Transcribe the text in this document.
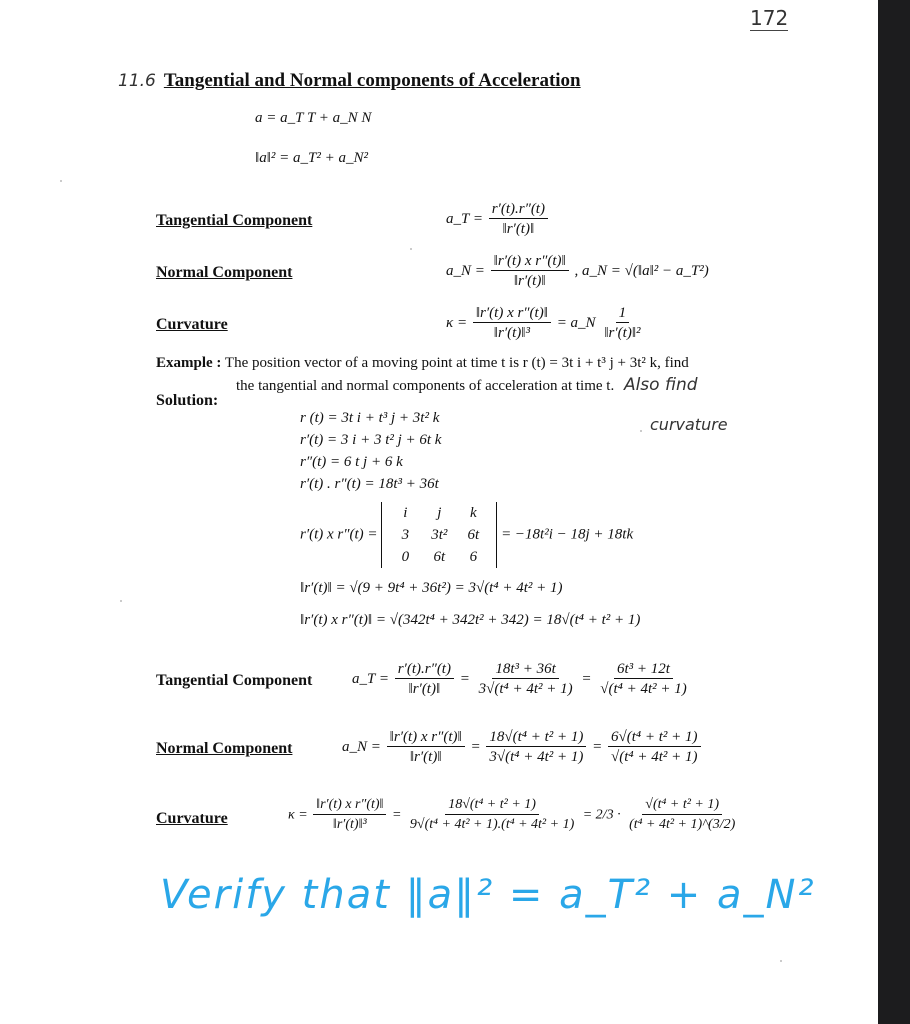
172
11.6 Tangential and Normal components of Acceleration
a = a_T T + a_N N
‖a‖² = a_T² + a_N²
Tangential Component	a_T = $\frac{r'(t).r''(t)}{‖r'(t)‖}$
Normal Component	a_N = $\frac{\text{‖r′(t) x r″(t)‖}}{‖r'(t)‖}$ , a_N = √(‖a‖² − a_T²)
Curvature	$\kappa = \frac{\text{‖r′(t) x r″(t)‖}}{\text{‖r′(t)‖³}}$ = a_N $\frac{1}{\text{‖r′(t)‖²}}$
Example : The position vector of a moving point at time t is r (t) = 3t i + t³ j + 3t² k, find
the tangential and normal components of acceleration at time t. Also find
curvature
Solution:
r (t) = 3t i + t³ j + 3t² k
r′(t) = 3 i + 3 t² j + 6t k
r″(t) = 6 t j + 6 k
r′(t) . r″(t) = 18t³ + 36t
r′(t) x r″(t) = i j k
3 3t² 6t
0 6t 6 = −18t²i − 18j + 18tk
‖r′(t)‖ = √(9 + 9t⁴ + 36t²) = 3√(t⁴ + 4t² + 1)
‖r′(t) x r″(t)‖ = √(342t⁴ + 342t² + 342) = 18√(t⁴ + t² + 1)
Tangential Component	a_T = $\frac{r'(t).r''(t)}{‖r'(t)‖} = \frac{\text{18t³ + 36t}}{\text{3√(t⁴ + 4t² + 1)}} = \frac{\text{6t³ + 12t}}{\text{√(t⁴ + 4t² + 1)}}$
Normal Component	a_N = $\frac{\text{‖r′(t) x r″(t)‖}}{‖r'(t)‖} = \frac{\text{18√(t⁴ + t² + 1)}}{\text{3√(t⁴ + 4t² + 1)}} = \frac{\text{6√(t⁴ + t² + 1)}}{\text{√(t⁴ + 4t² + 1)}}$
Curvature	$\kappa = \frac{\text{‖r′(t) x r″(t)‖}}{\text{‖r′(t)‖³}} = \frac{\text{18√(t⁴ + t² + 1)}}{\text{9√(t⁴ + 4t² + 1).(t⁴ + 4t² + 1)}} = 2/3 \cdot \frac{\text{√(t⁴ + t² + 1)}}{\text{(t⁴ + 4t² + 1)\textasciicircum{}(3/2)}}$
Verify that ‖a‖² = a_T² + a_N²
